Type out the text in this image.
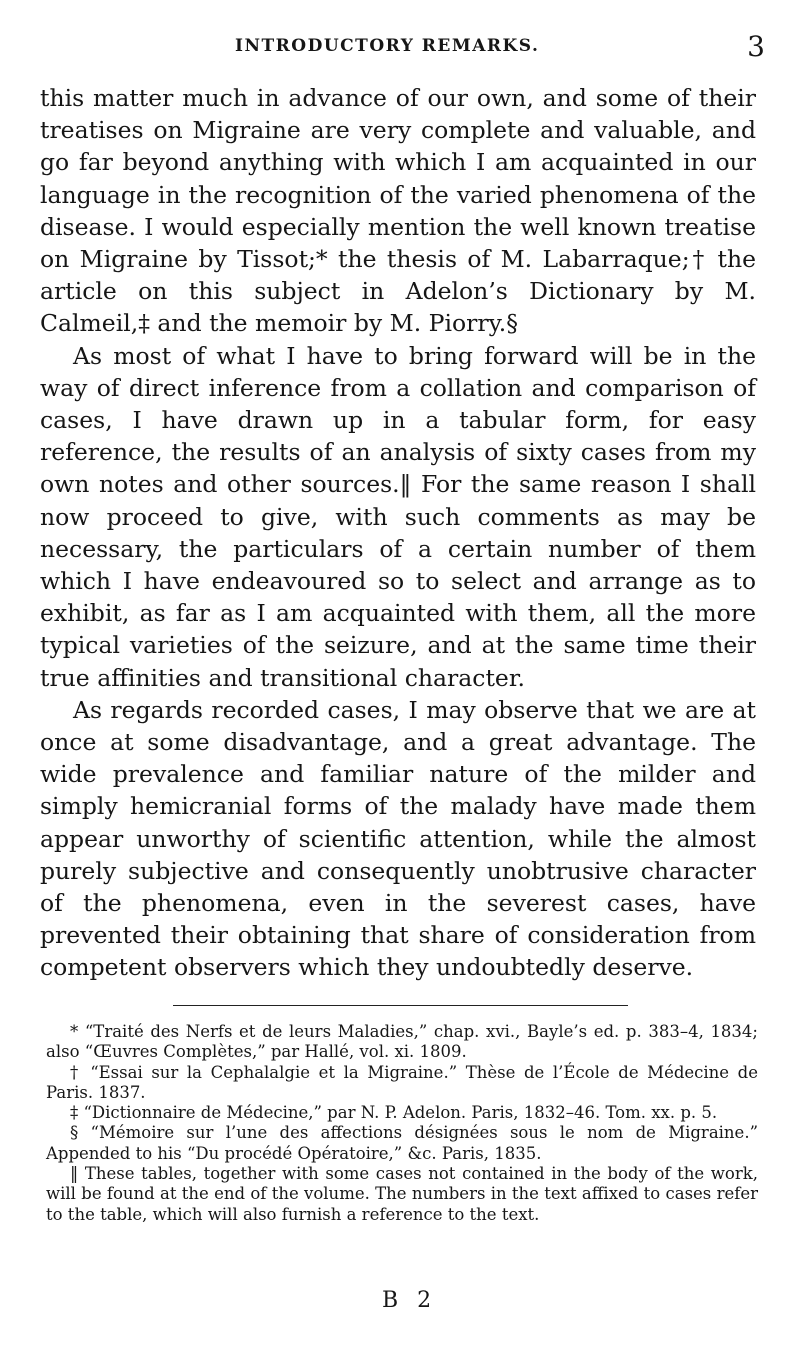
INTRODUCTORY REMARKS.	3

this matter much in advance of our own, and some of their treatises on Migraine are very complete and valuable, and go far beyond anything with which I am acquainted in our language in the recognition of the varied phenomena of the disease. I would especially mention the well known treatise on Migraine by Tissot;* the thesis of M. Labarraque;† the article on this subject in Adelon’s Dictionary by M. Calmeil,‡ and the memoir by M. Piorry.§

As most of what I have to bring forward will be in the way of direct inference from a collation and comparison of cases, I have drawn up in a tabular form, for easy reference, the results of an analysis of sixty cases from my own notes and other sources.‖ For the same reason I shall now proceed to give, with such comments as may be necessary, the particulars of a certain number of them which I have endeavoured so to select and arrange as to exhibit, as far as I am acquainted with them, all the more typical varieties of the seizure, and at the same time their true affinities and transitional character.

As regards recorded cases, I may observe that we are at once at some disadvantage, and a great advantage. The wide prevalence and familiar nature of the milder and simply hemicranial forms of the malady have made them appear unworthy of scientific attention, while the almost purely subjective and consequently unobtrusive character of the phenomena, even in the severest cases, have prevented their obtaining that share of consideration from competent observers which they undoubtedly deserve.

* “Traité des Nerfs et de leurs Maladies,” chap. xvi., Bayle’s ed. p. 383–4, 1834; also “Œuvres Complètes,” par Hallé, vol. xi. 1809.

† “Essai sur la Cephalalgie et la Migraine.” Thèse de l’École de Médecine de Paris. 1837.

‡ “Dictionnaire de Médecine,” par N. P. Adelon. Paris, 1832–46. Tom. xx. p. 5.

§ “Mémoire sur l’une des affections désignées sous le nom de Migraine.” Appended to his “Du procédé Opératoire,” &c. Paris, 1835.

‖ These tables, together with some cases not contained in the body of the work, will be found at the end of the volume. The numbers in the text affixed to cases refer to the table, which will also furnish a reference to the text.

B 2
